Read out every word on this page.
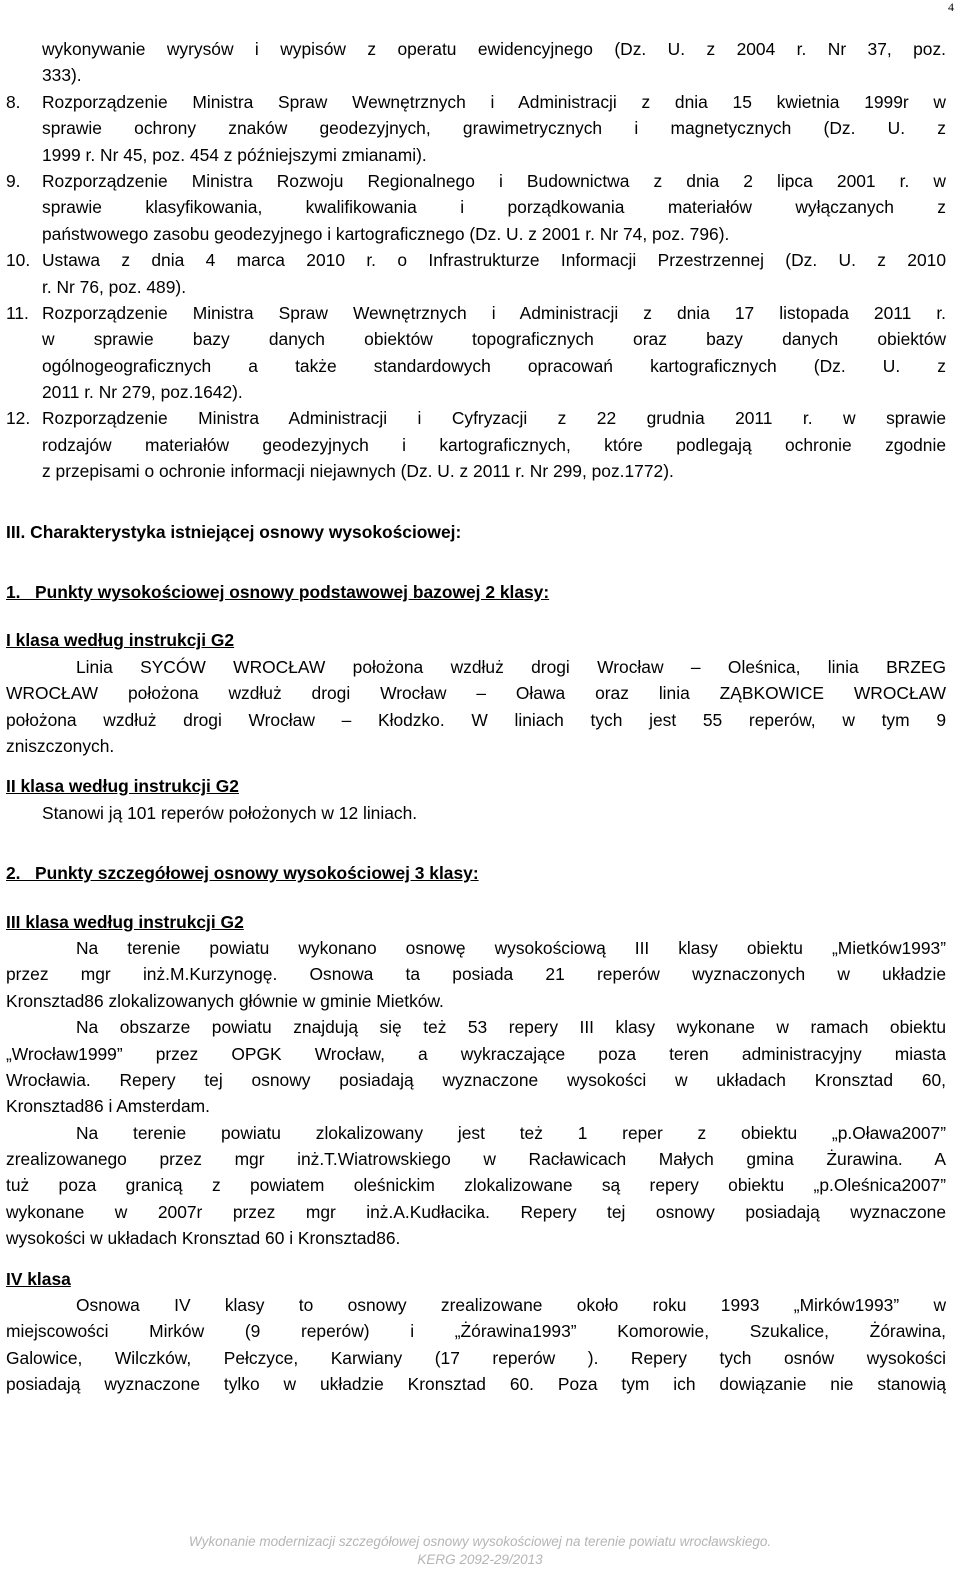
4
wykonywanie wyrysów i wypisów z operatu ewidencyjnego (Dz. U. z 2004 r. Nr 37, poz.
333).
8. Rozporządzenie Ministra Spraw Wewnętrznych i Administracji z dnia 15 kwietnia 1999r w
sprawie ochrony znaków geodezyjnych, grawimetrycznych i magnetycznych (Dz. U. z
1999 r. Nr 45, poz. 454 z późniejszymi zmianami).
9.	Rozporządzenie Ministra Rozwoju Regionalnego i Budownictwa z dnia 2 lipca 2001 r. w
sprawie klasyfikowania, kwalifikowania i porządkowania materiałów wyłączanych z
państwowego zasobu geodezyjnego i kartograficznego (Dz. U. z 2001 r. Nr 74, poz. 796).
10. Ustawa z dnia 4 marca 2010 r. o Infrastrukturze Informacji Przestrzennej (Dz. U. z 2010
r. Nr 76, poz. 489).
11. Rozporządzenie Ministra Spraw Wewnętrznych i Administracji z dnia 17 listopada 2011 r.
w sprawie bazy danych obiektów topograficznych oraz bazy danych obiektów
ogólnogeograficznych a także standardowych opracowań kartograficznych (Dz. U. z
2011 r. Nr 279, poz.1642).
12. Rozporządzenie Ministra Administracji i Cyfryzacji z 22 grudnia 2011 r. w sprawie
rodzajów materiałów geodezyjnych i kartograficznych, które podlegają ochronie zgodnie
z przepisami o ochronie informacji niejawnych (Dz. U. z 2011 r. Nr 299, poz.1772).
III. Charakterystyka istniejącej osnowy wysokościowej:
1.   Punkty wysokościowej osnowy podstawowej bazowej 2 klasy:
I klasa według instrukcji G2
Linia SYCÓW WROCŁAW położona wzdłuż drogi Wrocław – Oleśnica, linia BRZEG
WROCŁAW położona wzdłuż drogi Wrocław – Oława oraz linia ZĄBKOWICE WROCŁAW
położona wzdłuż drogi Wrocław – Kłodzko. W liniach tych jest 55 reperów, w tym 9
zniszczonych.
II klasa według instrukcji G2
Stanowi ją 101 reperów położonych w 12 liniach.
2.   Punkty szczegółowej osnowy wysokościowej 3 klasy:
III klasa według instrukcji G2
Na terenie powiatu wykonano osnowę wysokościową III klasy obiektu „Mietków1993”
przez mgr inż.M.Kurzynogę. Osnowa ta posiada 21 reperów wyznaczonych w układzie
Kronsztad86 zlokalizowanych głównie w gminie Mietków.
Na obszarze powiatu znajdują się też 53 repery III klasy wykonane w ramach obiektu
„Wrocław1999” przez OPGK Wrocław, a wykraczające poza teren administracyjny miasta
Wrocławia. Repery tej osnowy posiadają wyznaczone wysokości w układach Kronsztad 60,
Kronsztad86 i Amsterdam.
Na terenie powiatu zlokalizowany jest też 1 reper z obiektu „p.Oława2007”
zrealizowanego przez mgr inż.T.Wiatrowskiego w Racławicach Małych gmina Żurawina. A
tuż poza granicą z powiatem oleśnickim zlokalizowane są repery obiektu „p.Oleśnica2007”
wykonane w 2007r przez mgr inż.A.Kudłacika. Repery tej osnowy posiadają wyznaczone
wysokości w układach Kronsztad 60 i Kronsztad86.
IV klasa
Osnowa IV klasy to osnowy zrealizowane około roku 1993 „Mirków1993” w
miejscowości Mirków (9 reperów) i „Żórawina1993” Komorowie, Szukalice, Żórawina,
Galowice, Wilczków, Pełczyce, Karwiany (17 reperów ). Repery tych osnów wysokości
posiadają wyznaczone tylko w układzie Kronsztad 60. Poza tym ich dowiązanie nie stanowią
Wykonanie modernizacji szczegółowej osnowy wysokościowej na terenie powiatu wrocławskiego.
KERG 2092-29/2013
